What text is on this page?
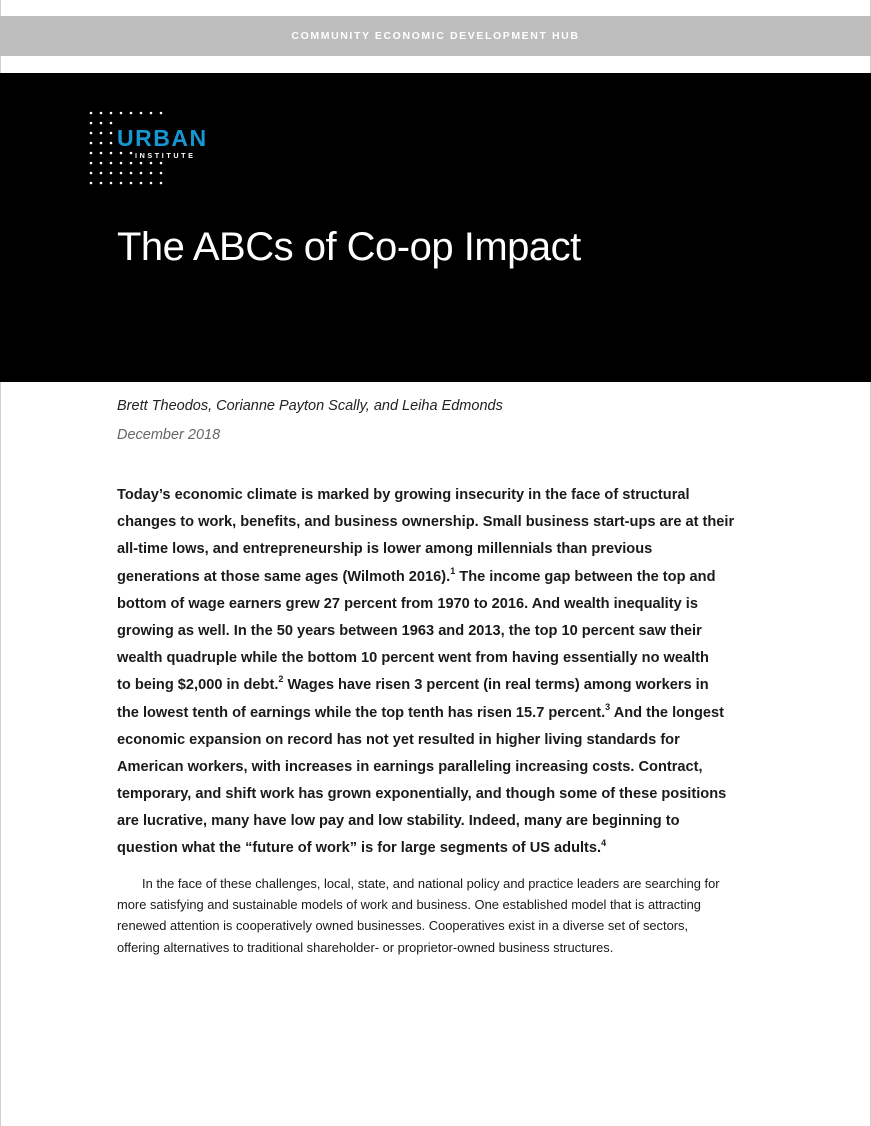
COMMUNITY ECONOMIC DEVELOPMENT HUB
URBAN
INSTITUTE
The ABCs of Co-op Impact
Brett Theodos, Corianne Payton Scally, and Leiha Edmonds
December 2018
Today’s economic climate is marked by growing insecurity in the face of structural
changes to work, benefits, and business ownership. Small business start-ups are at their
all-time lows, and entrepreneurship is lower among millennials than previous
generations at those same ages (Wilmoth 2016).$^1$ The income gap between the top and
bottom of wage earners grew 27 percent from 1970 to 2016. And wealth inequality is
growing as well. In the 50 years between 1963 and 2013, the top 10 percent saw their
wealth quadruple while the bottom 10 percent went from having essentially no wealth
to being $2,000 in debt.$^2$ Wages have risen 3 percent (in real terms) among workers in
the lowest tenth of earnings while the top tenth has risen 15.7 percent.$^3$ And the longest
economic expansion on record has not yet resulted in higher living standards for
American workers, with increases in earnings paralleling increasing costs. Contract,
temporary, and shift work has grown exponentially, and though some of these positions
are lucrative, many have low pay and low stability. Indeed, many are beginning to
question what the “future of work” is for large segments of US adults.$^4$
In the face of these challenges, local, state, and national policy and practice leaders are searching for
more satisfying and sustainable models of work and business. One established model that is attracting
renewed attention is cooperatively owned businesses. Cooperatives exist in a diverse set of sectors,
offering alternatives to traditional shareholder- or proprietor-owned business structures.
